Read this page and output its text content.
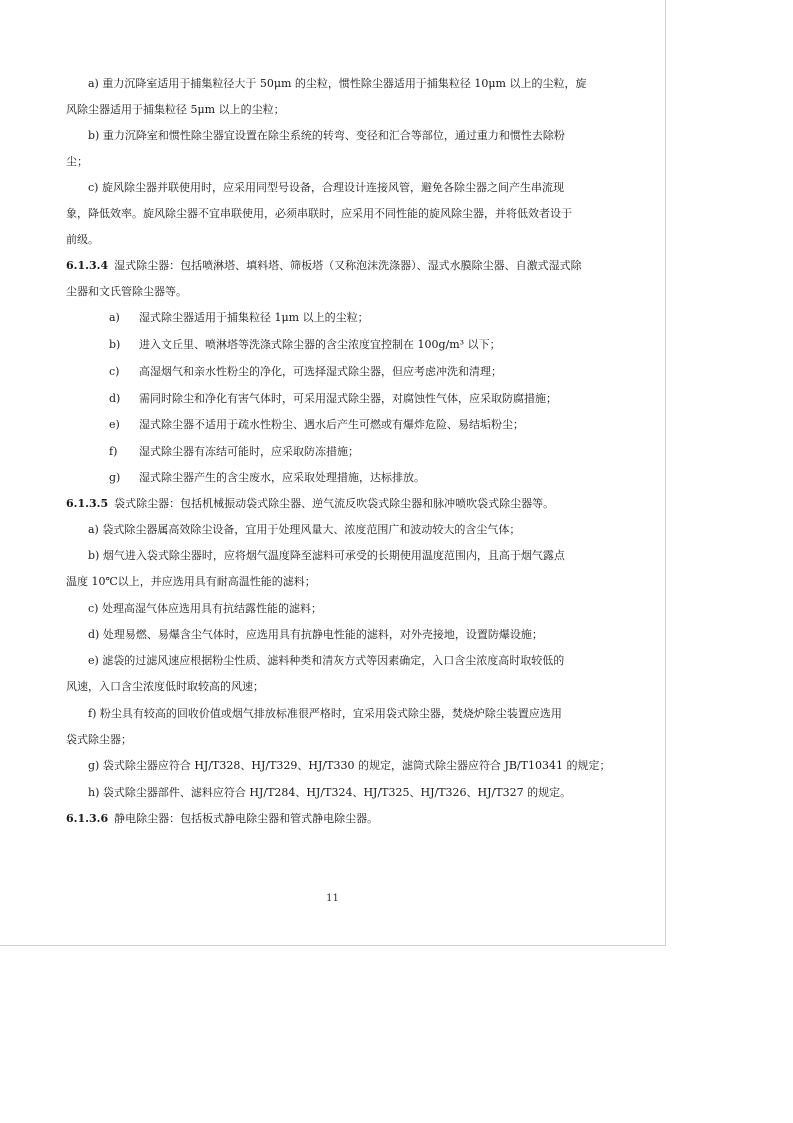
a) 重力沉降室适用于捕集粒径大于 50μm 的尘粒，惯性除尘器适用于捕集粒径 10μm 以上的尘粒，旋
风除尘器适用于捕集粒径 5μm 以上的尘粒；
b) 重力沉降室和惯性除尘器宜设置在除尘系统的转弯、变径和汇合等部位，通过重力和惯性去除粉
尘；
c) 旋风除尘器并联使用时，应采用同型号设备，合理设计连接风管，避免各除尘器之间产生串流现
象，降低效率。旋风除尘器不宜串联使用，必须串联时，应采用不同性能的旋风除尘器，并将低效者设于
前级。
6.1.3.4 湿式除尘器：包括喷淋塔、填料塔、筛板塔（又称泡沫洗涤器）、湿式水膜除尘器、自激式湿式除
尘器和文氏管除尘器等。
a) 湿式除尘器适用于捕集粒径 1μm 以上的尘粒；
b) 进入文丘里、喷淋塔等洗涤式除尘器的含尘浓度宜控制在 100g/m³ 以下；
c) 高湿烟气和亲水性粉尘的净化，可选择湿式除尘器，但应考虑冲洗和清理；
d) 需同时除尘和净化有害气体时，可采用湿式除尘器，对腐蚀性气体，应采取防腐措施；
e) 湿式除尘器不适用于疏水性粉尘、遇水后产生可燃或有爆炸危险、易结垢粉尘；
f) 湿式除尘器有冻结可能时，应采取防冻措施；
g) 湿式除尘器产生的含尘废水，应采取处理措施，达标排放。
6.1.3.5 袋式除尘器：包括机械振动袋式除尘器、逆气流反吹袋式除尘器和脉冲喷吹袋式除尘器等。
a) 袋式除尘器属高效除尘设备，宜用于处理风量大、浓度范围广和波动较大的含尘气体；
b) 烟气进入袋式除尘器时，应将烟气温度降至滤料可承受的长期使用温度范围内，且高于烟气露点
温度 10℃以上，并应选用具有耐高温性能的滤料；
c) 处理高湿气体应选用具有抗结露性能的滤料；
d) 处理易燃、易爆含尘气体时，应选用具有抗静电性能的滤料，对外壳接地，设置防爆设施；
e) 滤袋的过滤风速应根据粉尘性质、滤料种类和清灰方式等因素确定，入口含尘浓度高时取较低的
风速，入口含尘浓度低时取较高的风速；
f) 粉尘具有较高的回收价值或烟气排放标准很严格时，宜采用袋式除尘器，焚烧炉除尘装置应选用
袋式除尘器；
g) 袋式除尘器应符合 HJ/T328、HJ/T329、HJ/T330 的规定，滤筒式除尘器应符合 JB/T10341 的规定；
h) 袋式除尘器部件、滤料应符合 HJ/T284、HJ/T324、HJ/T325、HJ/T326、HJ/T327 的规定。
6.1.3.6 静电除尘器：包括板式静电除尘器和管式静电除尘器。
11
